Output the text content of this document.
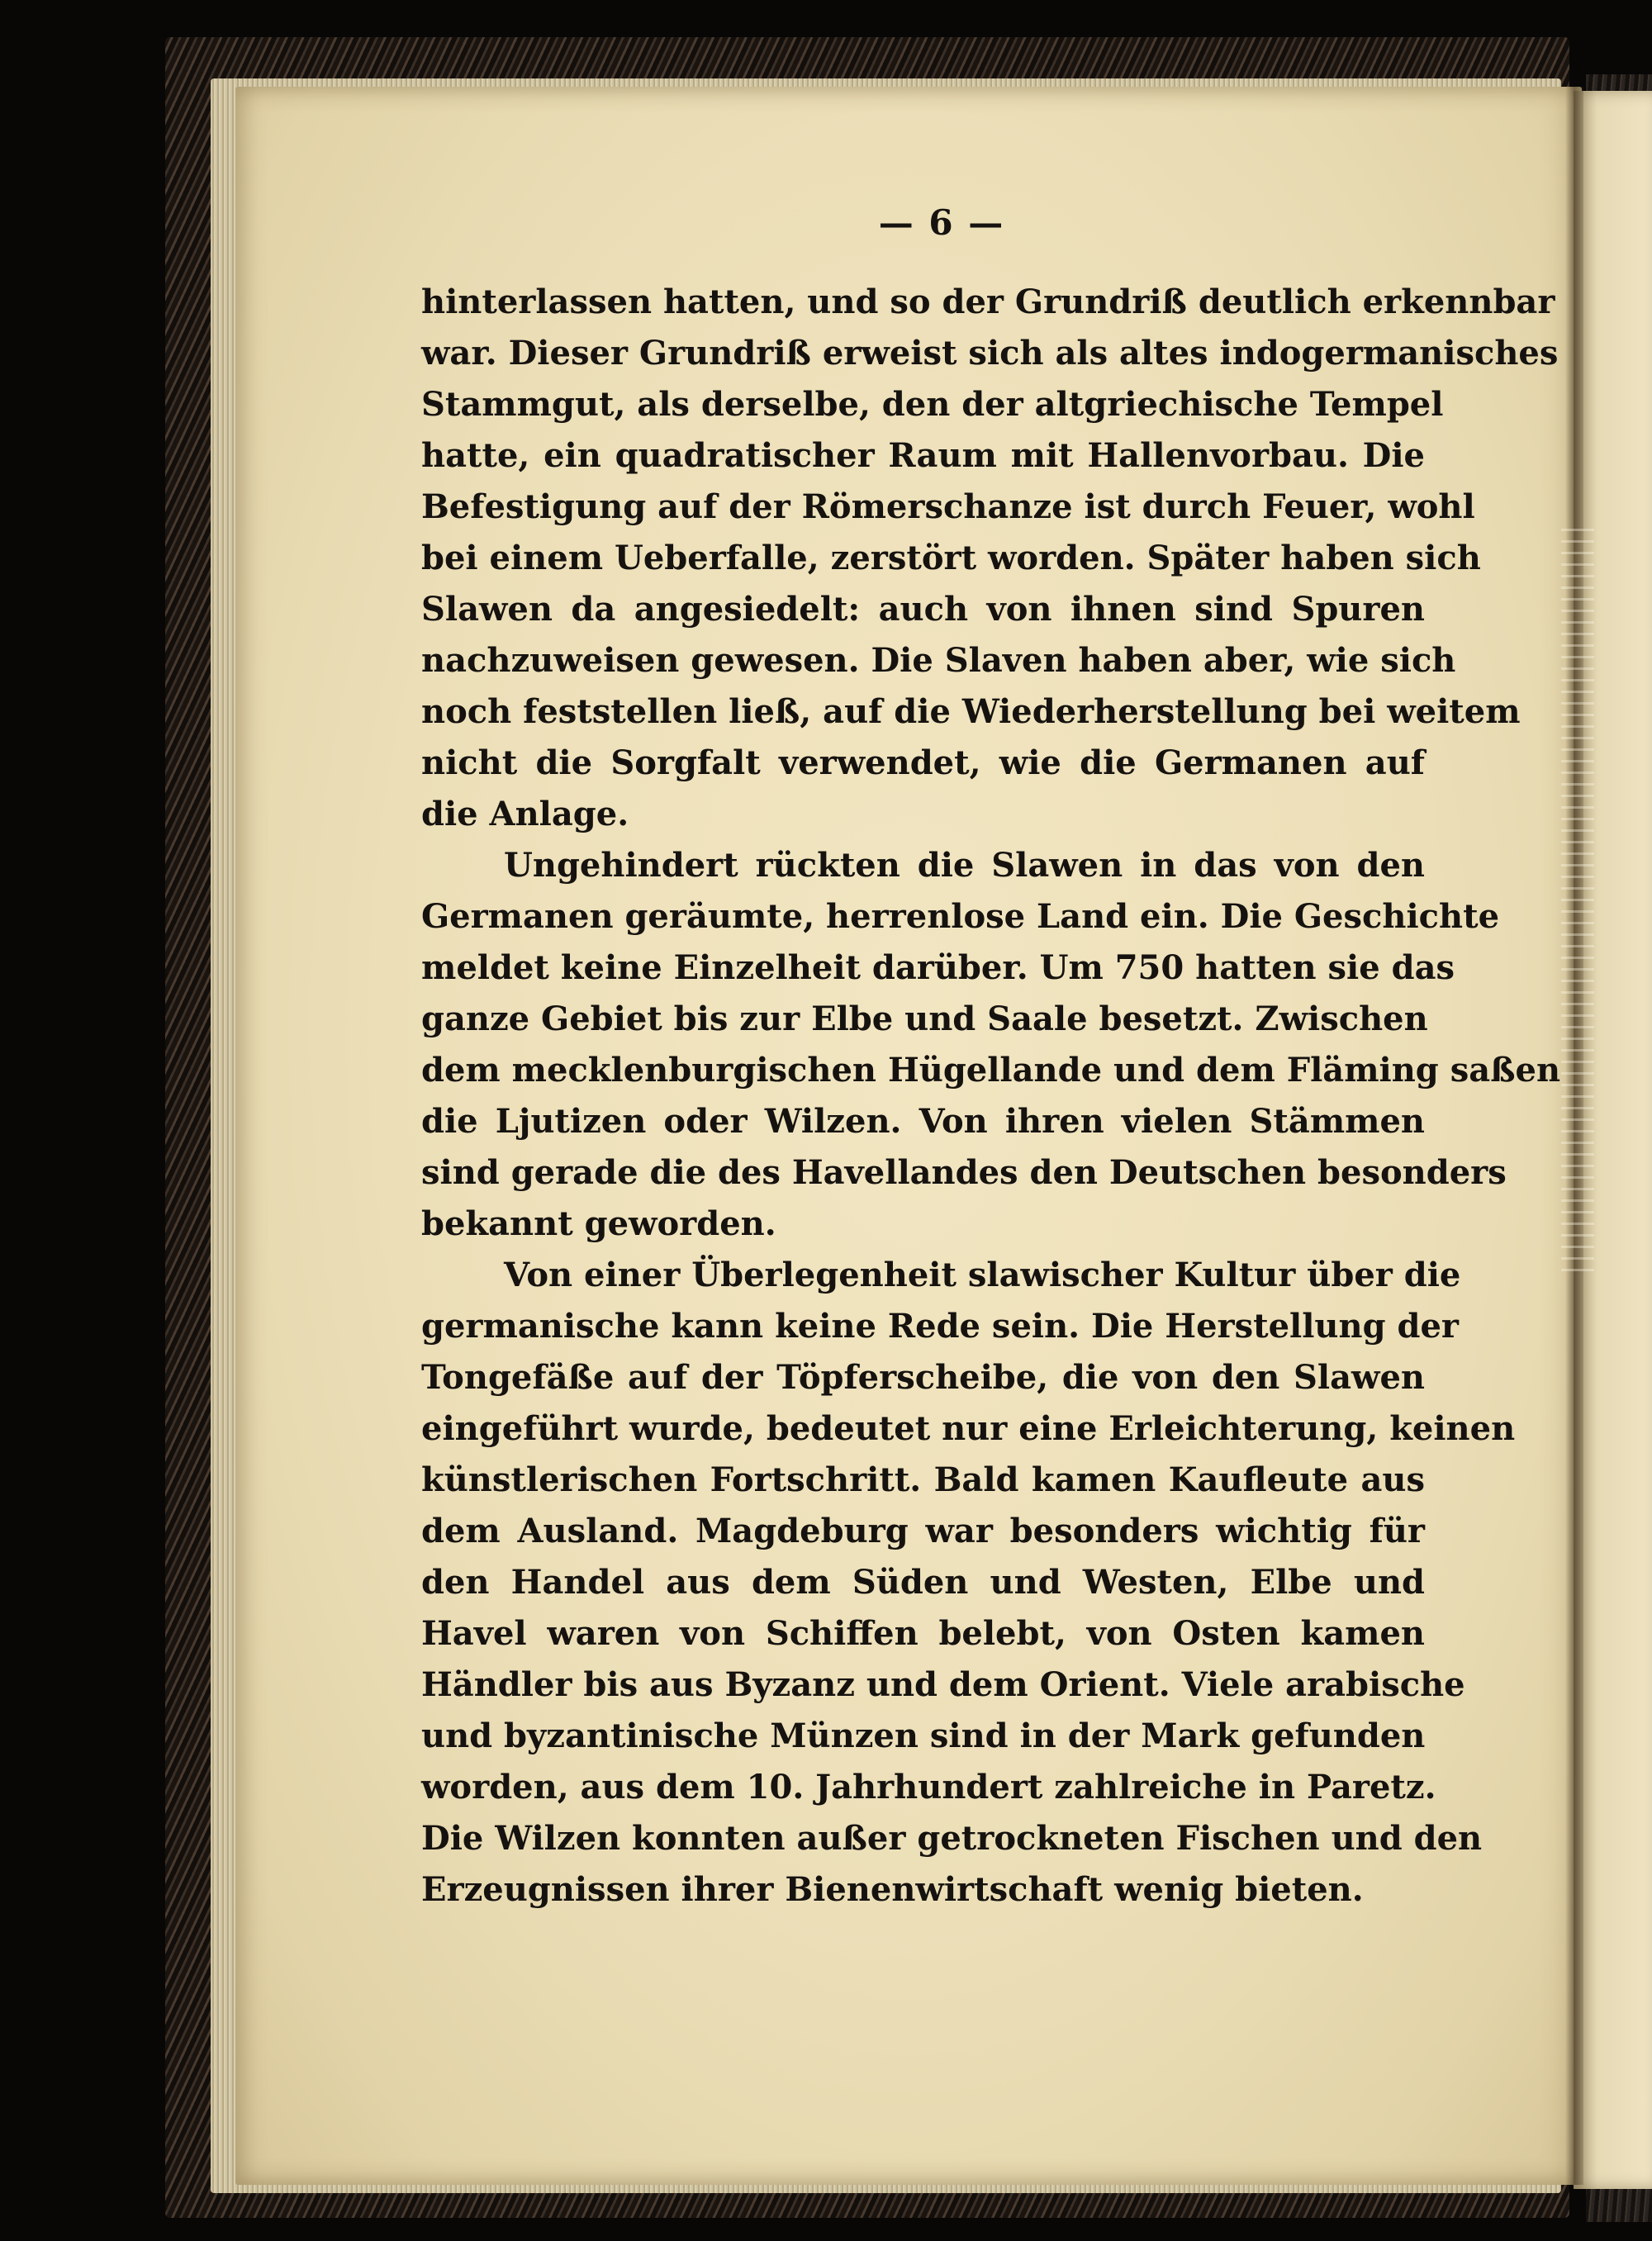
— 6 —

hinterlassen hatten, und so der Grundriß deutlich erkennbar
war. Dieser Grundriß erweist sich als altes indogermanisches
Stammgut, als derselbe, den der altgriechische Tempel
hatte, ein quadratischer Raum mit Hallenvorbau. Die
Befestigung auf der Römerschanze ist durch Feuer, wohl
bei einem Ueberfalle, zerstört worden. Später haben sich
Slawen da angesiedelt: auch von ihnen sind Spuren
nachzuweisen gewesen. Die Slaven haben aber, wie sich
noch feststellen ließ, auf die Wiederherstellung bei weitem
nicht die Sorgfalt verwendet, wie die Germanen auf
die Anlage.

Ungehindert rückten die Slawen in das von den
Germanen geräumte, herrenlose Land ein. Die Geschichte
meldet keine Einzelheit darüber. Um 750 hatten sie das
ganze Gebiet bis zur Elbe und Saale besetzt. Zwischen
dem mecklenburgischen Hügellande und dem Fläming saßen
die Ljutizen oder Wilzen. Von ihren vielen Stämmen
sind gerade die des Havellandes den Deutschen besonders
bekannt geworden.

Von einer Überlegenheit slawischer Kultur über die
germanische kann keine Rede sein. Die Herstellung der
Tongefäße auf der Töpferscheibe, die von den Slawen
eingeführt wurde, bedeutet nur eine Erleichterung, keinen
künstlerischen Fortschritt. Bald kamen Kaufleute aus
dem Ausland. Magdeburg war besonders wichtig für
den Handel aus dem Süden und Westen, Elbe und
Havel waren von Schiffen belebt, von Osten kamen
Händler bis aus Byzanz und dem Orient. Viele arabische
und byzantinische Münzen sind in der Mark gefunden
worden, aus dem 10. Jahrhundert zahlreiche in Paretz.
Die Wilzen konnten außer getrockneten Fischen und den
Erzeugnissen ihrer Bienenwirtschaft wenig bieten.
